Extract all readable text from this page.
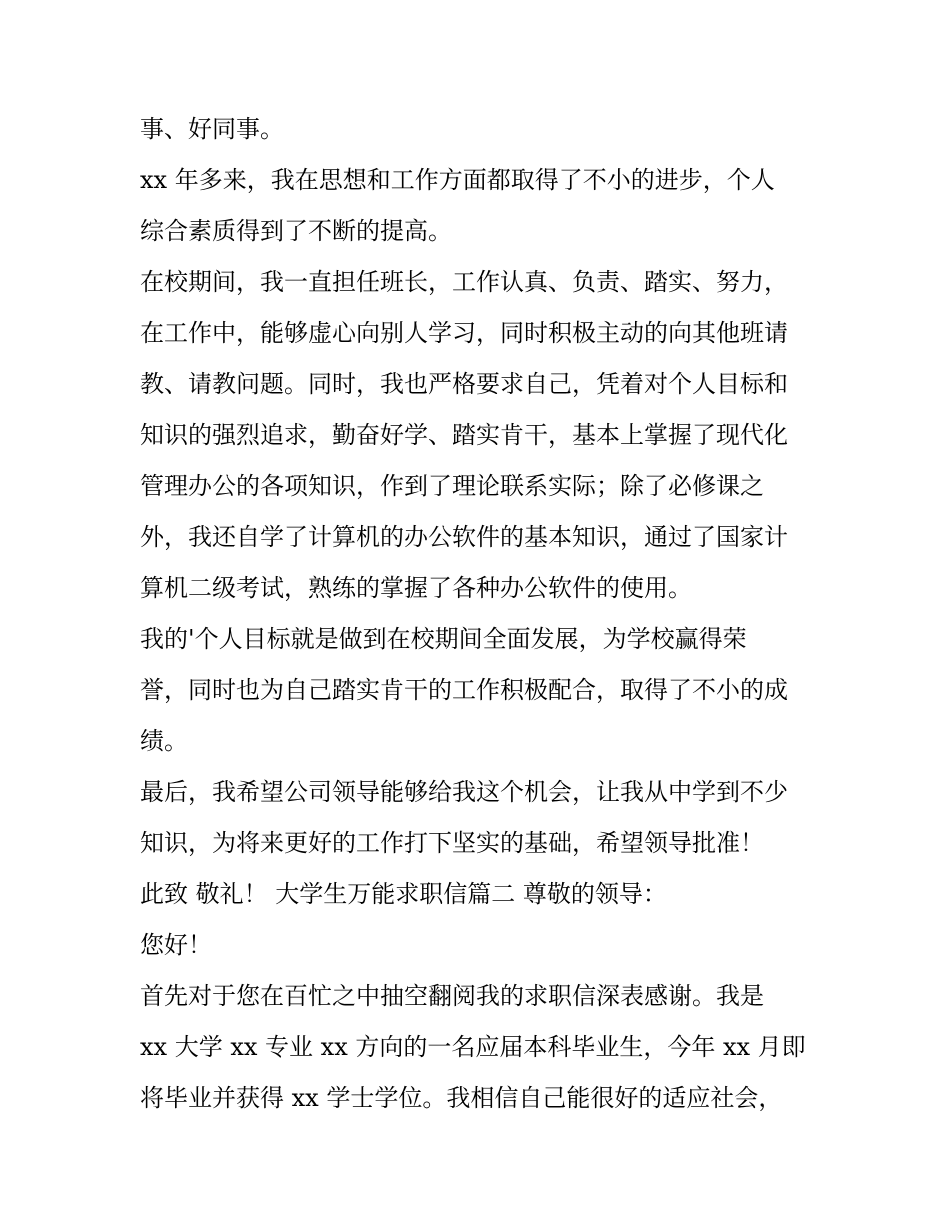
事、好同事。
xx 年多来，我在思想和工作方面都取得了不小的进步，个人
综合素质得到了不断的提高。
在校期间，我一直担任班长，工作认真、负责、踏实、努力，
在工作中，能够虚心向别人学习，同时积极主动的向其他班请
教、请教问题。同时，我也严格要求自己，凭着对个人目标和
知识的强烈追求，勤奋好学、踏实肯干，基本上掌握了现代化
管理办公的各项知识，作到了理论联系实际；除了必修课之
外，我还自学了计算机的办公软件的基本知识，通过了国家计
算机二级考试，熟练的掌握了各种办公软件的使用。
我的'个人目标就是做到在校期间全面发展，为学校赢得荣
誉，同时也为自己踏实肯干的工作积极配合，取得了不小的成
绩。
最后，我希望公司领导能够给我这个机会，让我从中学到不少
知识，为将来更好的工作打下坚实的基础，希望领导批准！
此致 敬礼！ 大学生万能求职信篇二 尊敬的领导：
您好！
首先对于您在百忙之中抽空翻阅我的求职信深表感谢。我是
xx 大学 xx 专业 xx 方向的一名应届本科毕业生，今年 xx 月即
将毕业并获得 xx 学士学位。我相信自己能很好的适应社会，
